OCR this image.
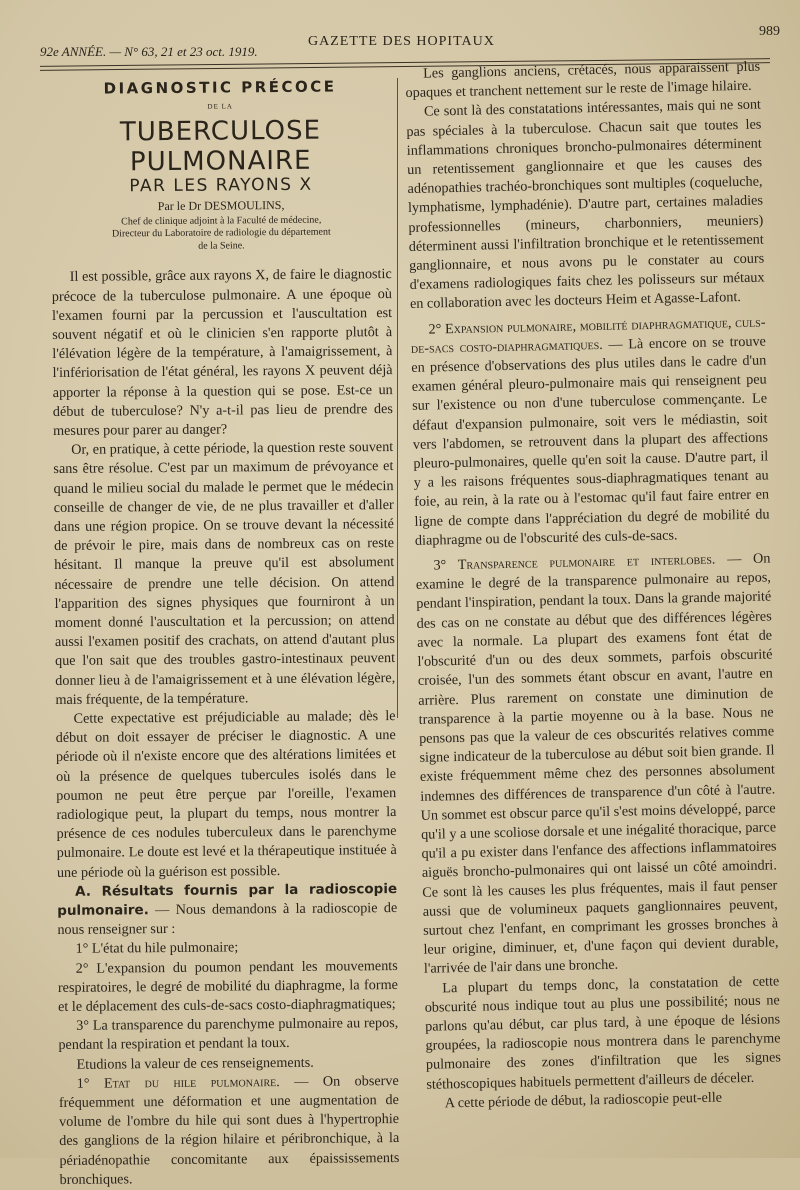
92e ANNÉE. — N° 63, 21 et 23 oct. 1919.
GAZETTE DES HOPITAUX
989

DIAGNOSTIC PRÉCOCE

DE LA

TUBERCULOSE PULMONAIRE

PAR LES RAYONS X

Par le Dr DESMOULINS,

Chef de clinique adjoint à la Faculté de médecine,
Directeur du Laboratoire de radiologie du département
de la Seine.

Il est possible, grâce aux rayons X, de faire le diagnostic précoce de la tuberculose pulmonaire. A une époque où l'examen fourni par la percussion et l'auscultation est souvent négatif et où le clinicien s'en rapporte plutôt à l'élévation légère de la température, à l'amaigrissement, à l'infériorisation de l'état général, les rayons X peuvent déjà apporter la réponse à la question qui se pose. Est-ce un début de tuberculose? N'y a-t-il pas lieu de prendre des mesures pour parer au danger?

Or, en pratique, à cette période, la question reste souvent sans être résolue. C'est par un maximum de prévoyance et quand le milieu social du malade le permet que le médecin conseille de changer de vie, de ne plus travailler et d'aller dans une région propice. On se trouve devant la nécessité de prévoir le pire, mais dans de nombreux cas on reste hésitant. Il manque la preuve qu'il est absolument nécessaire de prendre une telle décision. On attend l'apparition des signes physiques que fourniront à un moment donné l'auscultation et la percussion; on attend aussi l'examen positif des crachats, on attend d'autant plus que l'on sait que des troubles gastro-intestinaux peuvent donner lieu à de l'amaigrissement et à une élévation légère, mais fréquente, de la température.

Cette expectative est préjudiciable au malade; dès le début on doit essayer de préciser le diagnostic. A une période où il n'existe encore que des altérations limitées et où la présence de quelques tubercules isolés dans le poumon ne peut être perçue par l'oreille, l'examen radiologique peut, la plupart du temps, nous montrer la présence de ces nodules tuberculeux dans le parenchyme pulmonaire. Le doute est levé et la thérapeutique instituée à une période où la guérison est possible.

A. Résultats fournis par la radioscopie pulmonaire. — Nous demandons à la radioscopie de nous renseigner sur :

1° L'état du hile pulmonaire;

2° L'expansion du poumon pendant les mouvements respiratoires, le degré de mobilité du diaphragme, la forme et le déplacement des culs-de-sacs costo-diaphragmatiques;

3° La transparence du parenchyme pulmonaire au repos, pendant la respiration et pendant la toux.

Etudions la valeur de ces renseignements.

1° Etat du hile pulmonaire. — On observe fréquemment une déformation et une augmentation de volume de l'ombre du hile qui sont dues à l'hypertrophie des ganglions de la région hilaire et péribronchique, à la périadénopathie concomitante aux épaississements bronchiques.

Les ganglions anciens, crétacés, nous apparaissent plus opaques et tranchent nettement sur le reste de l'image hilaire.

Ce sont là des constatations intéressantes, mais qui ne sont pas spéciales à la tuberculose. Chacun sait que toutes les inflammations chroniques broncho-pulmonaires déterminent un retentissement ganglionnaire et que les causes des adénopathies trachéo-bronchiques sont multiples (coqueluche, lymphatisme, lymphadénie). D'autre part, certaines maladies professionnelles (mineurs, charbonniers, meuniers) déterminent aussi l'infiltration bronchique et le retentissement ganglionnaire, et nous avons pu le constater au cours d'examens radiologiques faits chez les polisseurs sur métaux en collaboration avec les docteurs Heim et Agasse-Lafont.

2° Expansion pulmonaire, mobilité diaphragmatique, culs-de-sacs costo-diaphragmatiques. — Là encore on se trouve en présence d'observations des plus utiles dans le cadre d'un examen général pleuro-pulmonaire mais qui renseignent peu sur l'existence ou non d'une tuberculose commençante. Le défaut d'expansion pulmonaire, soit vers le médiastin, soit vers l'abdomen, se retrouvent dans la plupart des affections pleuro-pulmonaires, quelle qu'en soit la cause. D'autre part, il y a les raisons fréquentes sous-diaphragmatiques tenant au foie, au rein, à la rate ou à l'estomac qu'il faut faire entrer en ligne de compte dans l'appréciation du degré de mobilité du diaphragme ou de l'obscurité des culs-de-sacs.

3° Transparence pulmonaire et interlobes. — On examine le degré de la transparence pulmonaire au repos, pendant l'inspiration, pendant la toux. Dans la grande majorité des cas on ne constate au début que des différences légères avec la normale. La plupart des examens font état de l'obscurité d'un ou des deux sommets, parfois obscurité croisée, l'un des sommets étant obscur en avant, l'autre en arrière. Plus rarement on constate une diminution de transparence à la partie moyenne ou à la base. Nous ne pensons pas que la valeur de ces obscurités relatives comme signe indicateur de la tuberculose au début soit bien grande. Il existe fréquemment même chez des personnes absolument indemnes des différences de transparence d'un côté à l'autre. Un sommet est obscur parce qu'il s'est moins développé, parce qu'il y a une scoliose dorsale et une inégalité thoracique, parce qu'il a pu exister dans l'enfance des affections inflammatoires aiguës broncho-pulmonaires qui ont laissé un côté amoindri. Ce sont là les causes les plus fréquentes, mais il faut penser aussi que de volumineux paquets ganglionnaires peuvent, surtout chez l'enfant, en comprimant les grosses bronches à leur origine, diminuer, et, d'une façon qui devient durable, l'arrivée de l'air dans une bronche.

La plupart du temps donc, la constatation de cette obscurité nous indique tout au plus une possibilité; nous ne parlons qu'au début, car plus tard, à une époque de lésions groupées, la radioscopie nous montrera dans le parenchyme pulmonaire des zones d'infiltration que les signes stéthoscopiques habituels permettent d'ailleurs de déceler.

A cette période de début, la radioscopie peut-elle
